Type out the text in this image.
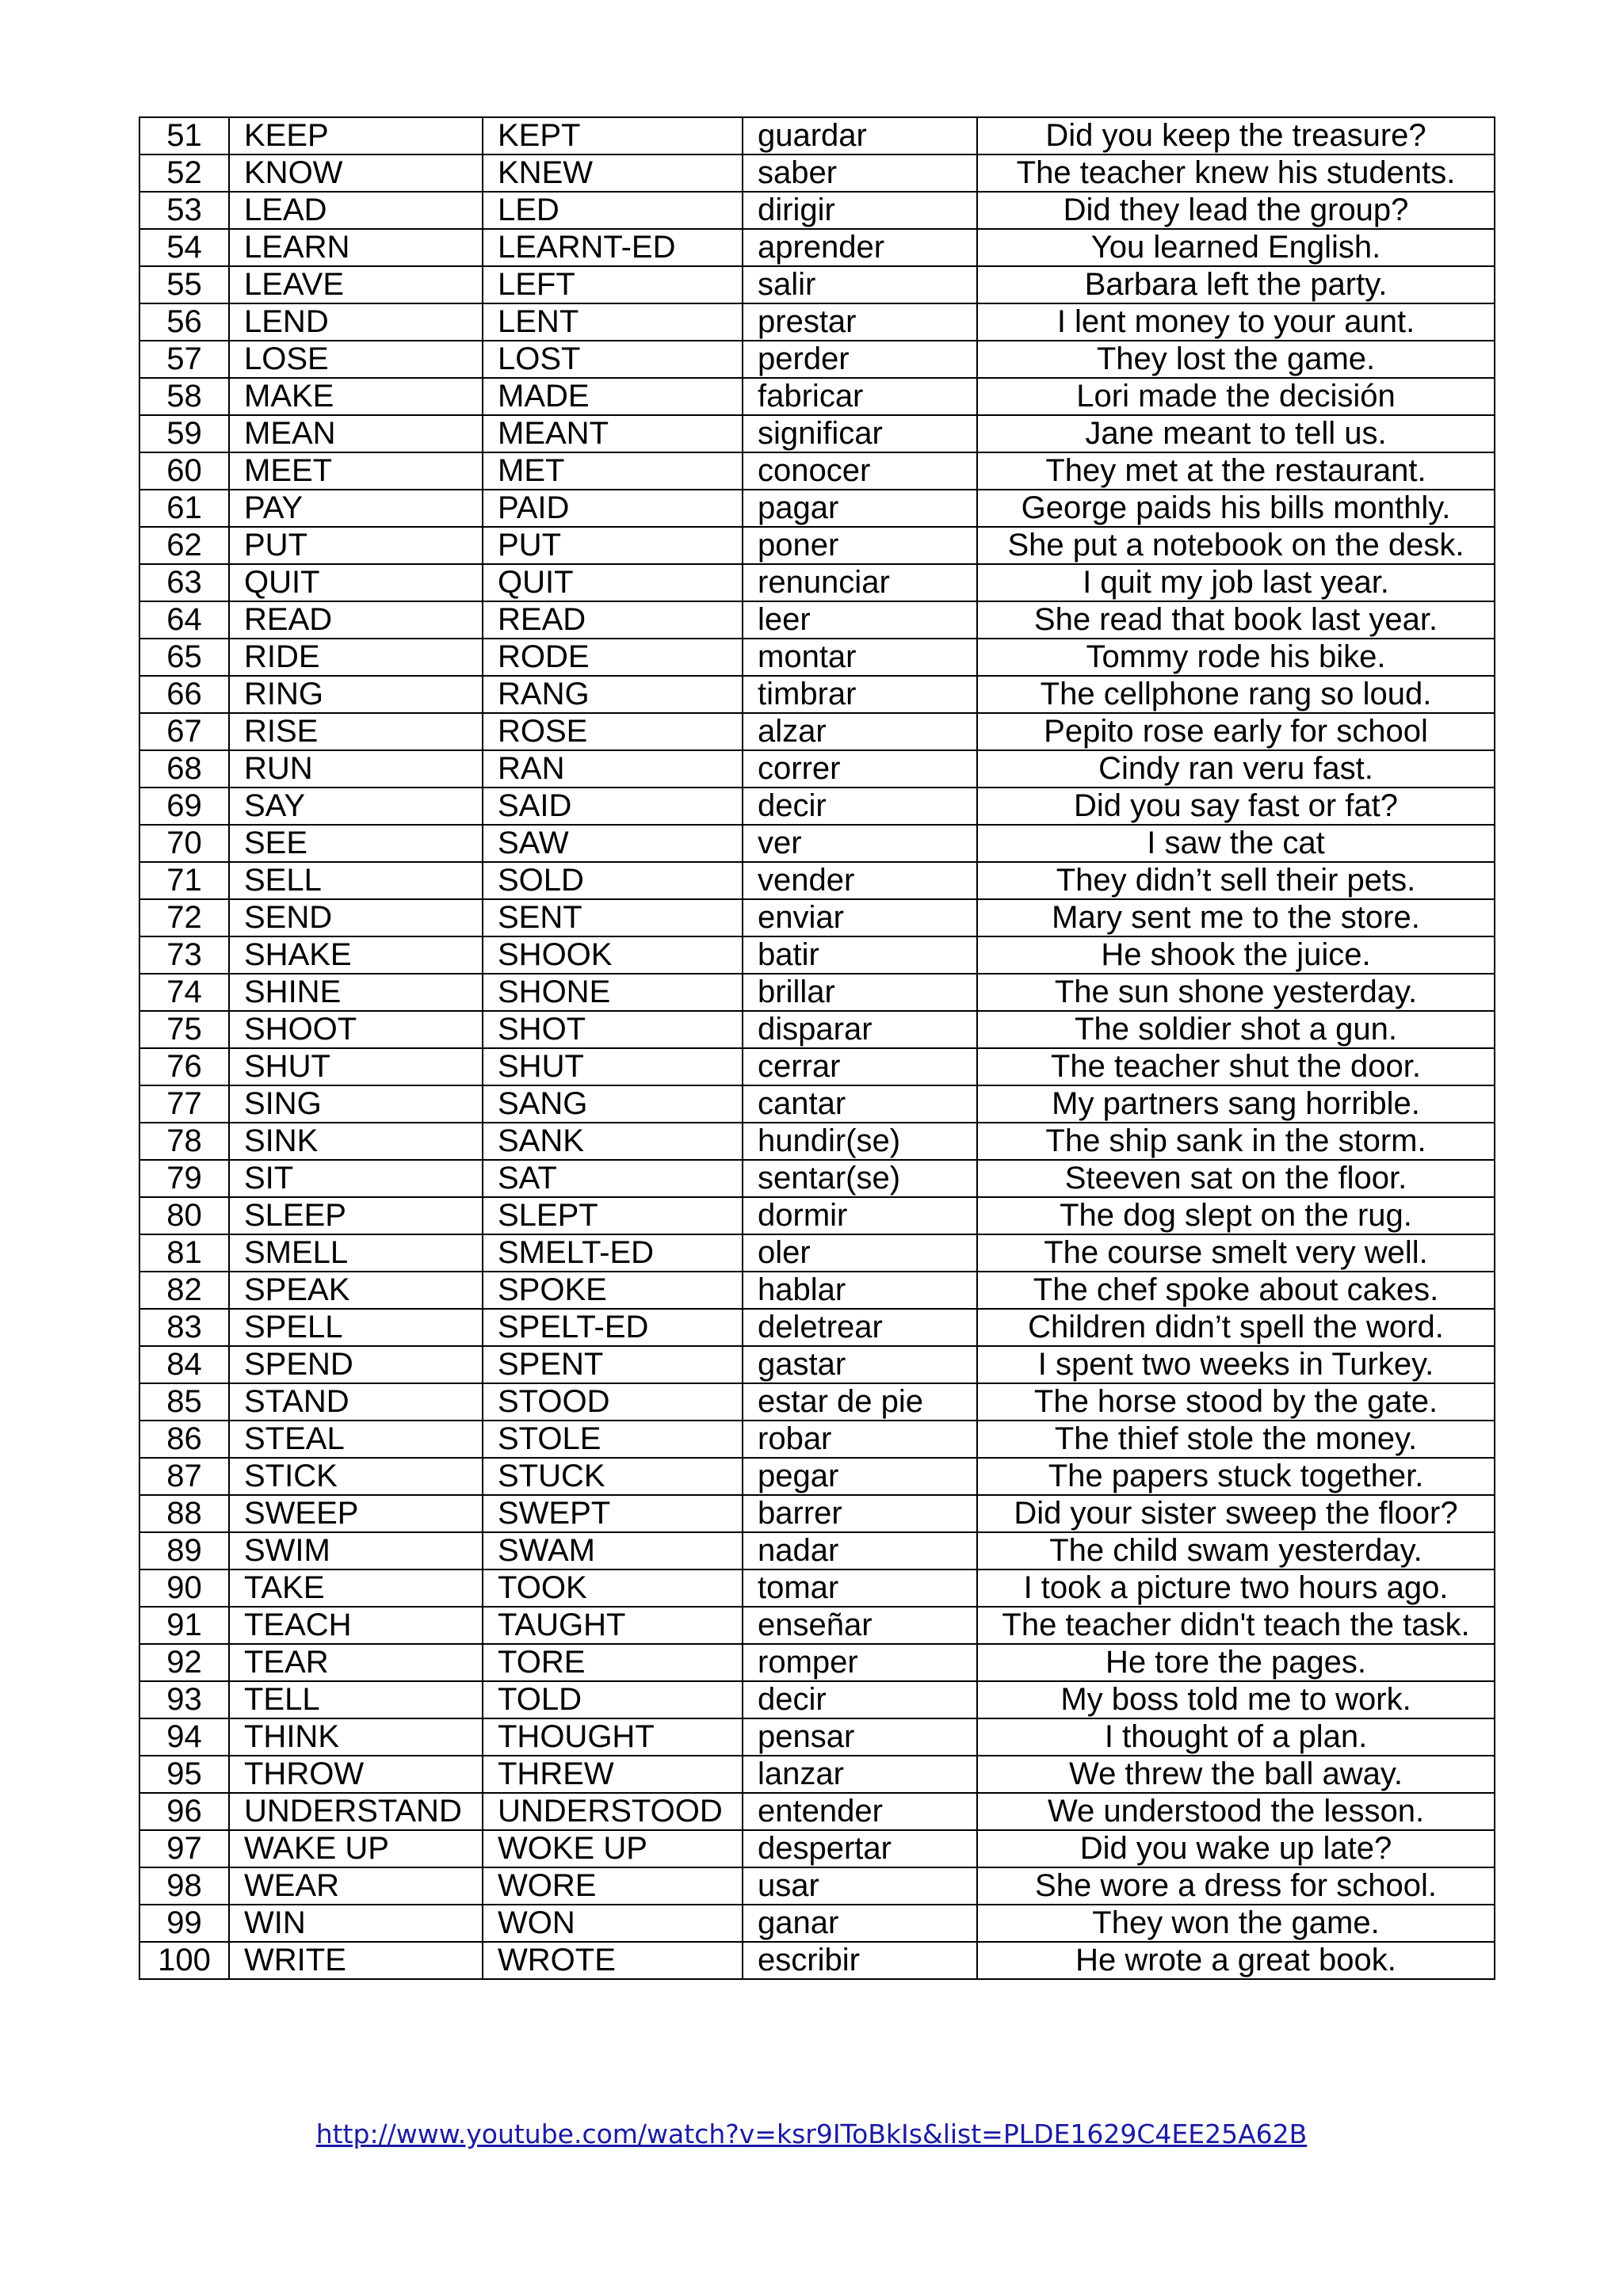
51	KEEP	KEPT	guardar	Did you keep the treasure?
52	KNOW	KNEW	saber	The teacher knew his students.
53	LEAD	LED	dirigir	Did they lead the group?
54	LEARN	LEARNT-ED	aprender	You learned English.
55	LEAVE	LEFT	salir	Barbara left the party.
56	LEND	LENT	prestar	I lent money to your aunt.
57	LOSE	LOST	perder	They lost the game.
58	MAKE	MADE	fabricar	Lori made the decisión
59	MEAN	MEANT	significar	Jane meant to tell us.
60	MEET	MET	conocer	They met at the restaurant.
61	PAY	PAID	pagar	George paids his bills monthly.
62	PUT	PUT	poner	She put a notebook on the desk.
63	QUIT	QUIT	renunciar	I quit my job last year.
64	READ	READ	leer	She read that book last year.
65	RIDE	RODE	montar	Tommy rode his bike.
66	RING	RANG	timbrar	The cellphone rang so loud.
67	RISE	ROSE	alzar	Pepito rose early for school
68	RUN	RAN	correr	Cindy ran veru fast.
69	SAY	SAID	decir	Did you say fast or fat?
70	SEE	SAW	ver	I saw the cat
71	SELL	SOLD	vender	They didn’t sell their pets.
72	SEND	SENT	enviar	Mary sent me to the store.
73	SHAKE	SHOOK	batir	He shook the juice.
74	SHINE	SHONE	brillar	The sun shone yesterday.
75	SHOOT	SHOT	disparar	The soldier shot a gun.
76	SHUT	SHUT	cerrar	The teacher shut the door.
77	SING	SANG	cantar	My partners sang horrible.
78	SINK	SANK	hundir(se)	The ship sank in the storm.
79	SIT	SAT	sentar(se)	Steeven sat on the floor.
80	SLEEP	SLEPT	dormir	The dog slept on the rug.
81	SMELL	SMELT-ED	oler	The course smelt very well.
82	SPEAK	SPOKE	hablar	The chef spoke about cakes.
83	SPELL	SPELT-ED	deletrear	Children didn’t spell the word.
84	SPEND	SPENT	gastar	I spent two weeks in Turkey.
85	STAND	STOOD	estar de pie	The horse stood by the gate.
86	STEAL	STOLE	robar	The thief stole the money.
87	STICK	STUCK	pegar	The papers stuck together.
88	SWEEP	SWEPT	barrer	Did your sister sweep the floor?
89	SWIM	SWAM	nadar	The child swam yesterday.
90	TAKE	TOOK	tomar	I took a picture two hours ago.
91	TEACH	TAUGHT	enseñar	The teacher didn't teach the task.
92	TEAR	TORE	romper	He tore the pages.
93	TELL	TOLD	decir	My boss told me to work.
94	THINK	THOUGHT	pensar	I thought of a plan.
95	THROW	THREW	lanzar	We threw the ball away.
96	UNDERSTAND	UNDERSTOOD	entender	We understood the lesson.
97	WAKE UP	WOKE UP	despertar	Did you wake up late?
98	WEAR	WORE	usar	She wore a dress for school.
99	WIN	WON	ganar	They won the game.
100	WRITE	WROTE	escribir	He wrote a great book.
http://www.youtube.com/watch?v=ksr9IToBkIs&list=PLDE1629C4EE25A62B
